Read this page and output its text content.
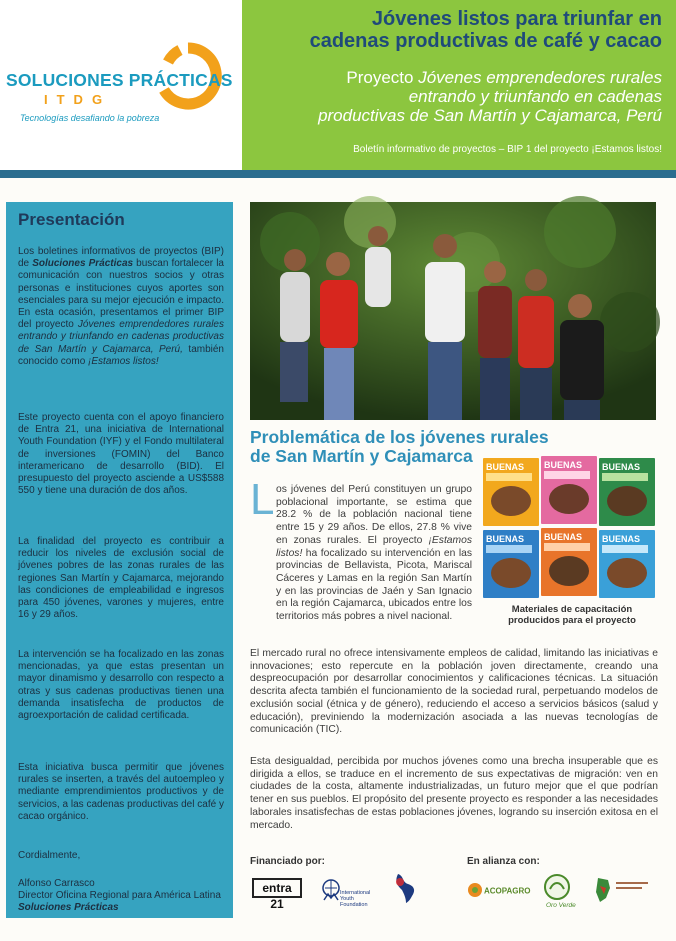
SOLUCIONES PRÁCTICAS
ITDG
Tecnologías desafiando la pobreza
Jóvenes listos para triunfar en
cadenas productivas de café y cacao
Proyecto Jóvenes emprendedores rurales
entrando y triunfando en cadenas
productivas de San Martín y Cajamarca, Perú
Boletín informativo de proyectos – BIP 1 del proyecto ¡Estamos listos!
Presentación
Los boletines informativos de proyectos (BIP) de Soluciones Prácticas buscan fortalecer la comunicación con nuestros socios y otras personas e instituciones cuyos aportes son esenciales para su mejor ejecución e impacto. En esta ocasión, presentamos el primer BIP del proyecto Jóvenes emprendedores rurales entrando y triunfando en cadenas productivas de San Martín y Cajamarca, Perú, también conocido como ¡Estamos listos!
Este proyecto cuenta con el apoyo financiero de Entra 21, una iniciativa de International Youth Foundation (IYF) y el Fondo multilateral de inversiones (FOMIN) del Banco interamericano de desarrollo (BID). El presupuesto del proyecto asciende a US$588 550 y tiene una duración de dos años.
La finalidad del proyecto es contribuir a reducir los niveles de exclusión social de jóvenes pobres de las zonas rurales de las regiones San Martín y Cajamarca, mejorando las condiciones de empleabilidad e ingresos para 450 jóvenes, varones y mujeres, entre 16 y 29 años.
La intervención se ha focalizado en las zonas mencionadas, ya que estas presentan un mayor dinamismo y desarrollo con respecto a otras y sus cadenas productivas tienen una demanda insatisfecha de productos de agroexportación de calidad certificada.
Esta iniciativa busca permitir que jóvenes rurales se inserten, a través del autoempleo y mediante emprendimientos productivos y de servicios, a las cadenas productivas del café y cacao orgánico.
Cordialmente,
Alfonso Carrasco
Director Oficina Regional para América Latina
Soluciones Prácticas
Problemática de los jóvenes rurales de San Martín y Cajamarca
L os jóvenes del Perú constituyen un grupo poblacional importante, se estima que 28.2 % de la población nacional tiene entre 15 y 29 años. De ellos, 27.8 % vive en zonas rurales. El proyecto ¡Estamos listos! ha focalizado su intervención en las provincias de Bellavista, Picota, Mariscal Cáceres y Lamas en la región San Martín y en las provincias de Jaén y San Ignacio en la región Cajamarca, ubicados entre los territorios más pobres a nivel nacional.
BUENAS BUENAS BUENAS
BUENAS BUENAS BUENAS
Materiales de capacitación
producidos para el proyecto
El mercado rural no ofrece intensivamente empleos de calidad, limitando las iniciativas e innovaciones; esto repercute en la población joven directamente, creando una despreocupación por desarrollar conocimientos y calificaciones técnicas. La situación descrita afecta también el funcionamiento de la sociedad rural, perpetuando modelos de exclusión social (étnica y de género), reduciendo el acceso a servicios básicos (salud y educación), previniendo la modernización asociada a las nuevas tecnologías de comunicación (TIC).
Esta desigualdad, percibida por muchos jóvenes como una brecha insuperable que es dirigida a ellos, se traduce en el incremento de sus expectativas de migración: ven en ciudades de la costa, altamente industrializadas, un futuro mejor que el que podrían tener en sus pueblos. El propósito del presente proyecto es responder a las necesidades laborales insatisfechas de estas poblaciones jóvenes, logrando su inserción exitosa en el mercado.
Financiado por:	En alianza con:
entra 21
International Youth Foundation
ACOPAGRO
Oro Verde
